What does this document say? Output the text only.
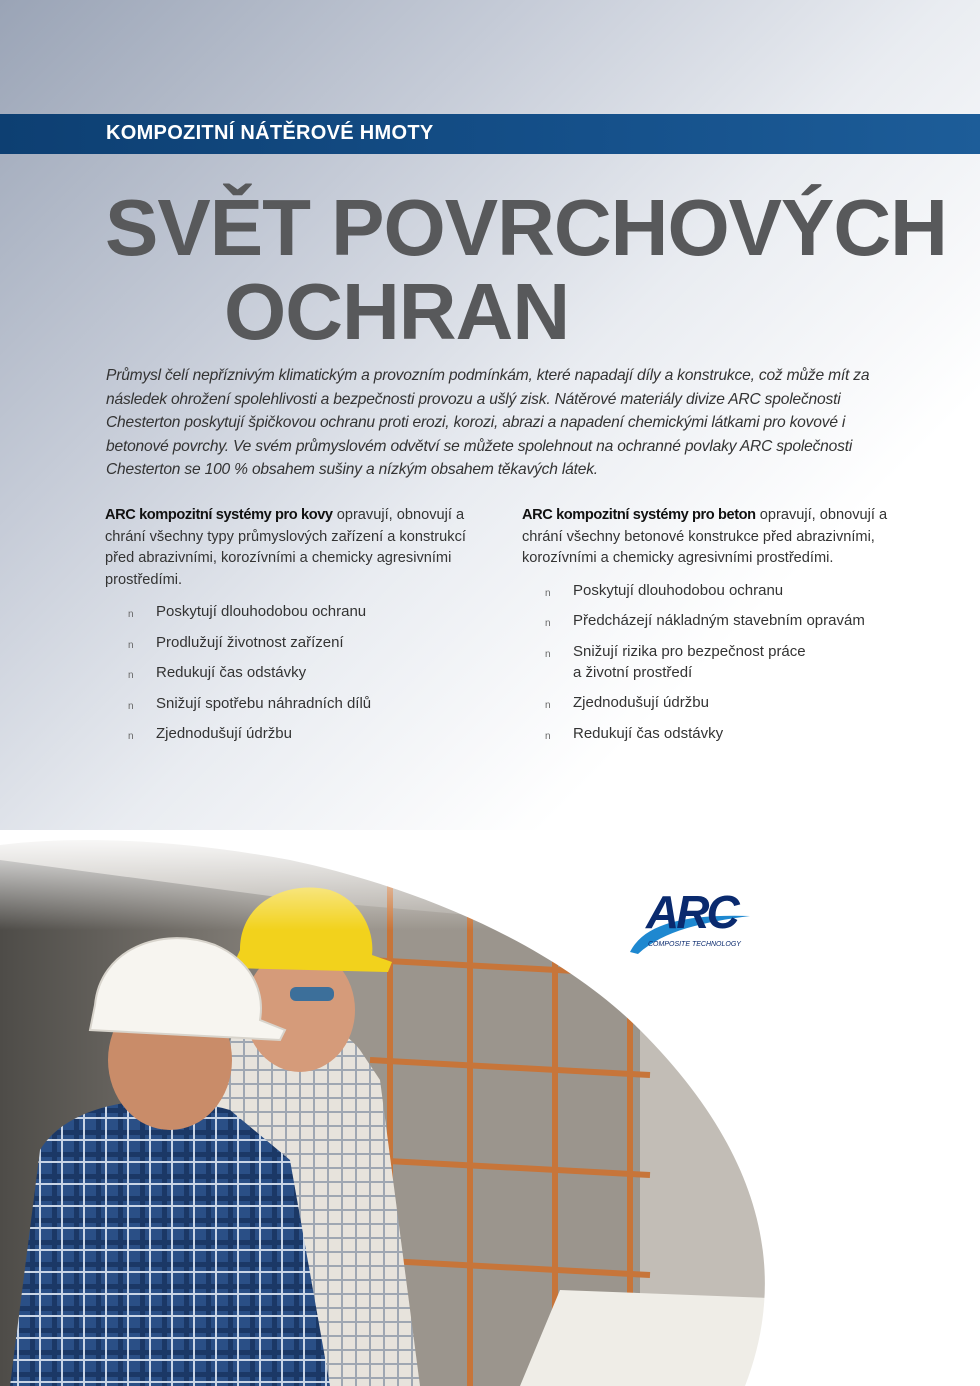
KOMPOZITNÍ NÁTĚROVÉ HMOTY
SVĚT POVRCHOVÝCH
OCHRAN

Průmysl čelí nepříznivým klimatickým a provozním podmínkám, které napadají díly a konstrukce, což může mít za následek ohrožení spolehlivosti a bezpečnosti provozu a ušlý zisk. Nátěrové materiály divize ARC společnosti Chesterton poskytují špičkovou ochranu proti erozi, korozi, abrazi a napadení chemickými látkami pro kovové i betonové povrchy. Ve svém průmyslovém odvětví se můžete spolehnout na ochranné povlaky ARC společnosti Chesterton se 100 % obsahem sušiny a nízkým obsahem těkavých látek.

ARC kompozitní systémy pro kovy opravují, obnovují a chrání všechny typy průmyslových zařízení a konstrukcí před abrazivními, korozívními a chemicky agresivními prostředími.

n Poskytují dlouhodobou ochranu
n Prodlužují životnost zařízení
n Redukují čas odstávky
n Snižují spotřebu náhradních dílů
n Zjednodušují údržbu

ARC kompozitní systémy pro beton opravují, obnovují a chrání všechny betonové konstrukce před abrazivními, korozívními a chemicky agresivními prostředími.

n Poskytují dlouhodobou ochranu
n Předcházejí nákladným stavebním opravám
n Snižují rizika pro bezpečnost práce
a životní prostředí
n Zjednodušují údržbu
n Redukují čas odstávky
ARC
COMPOSITE TECHNOLOGY
